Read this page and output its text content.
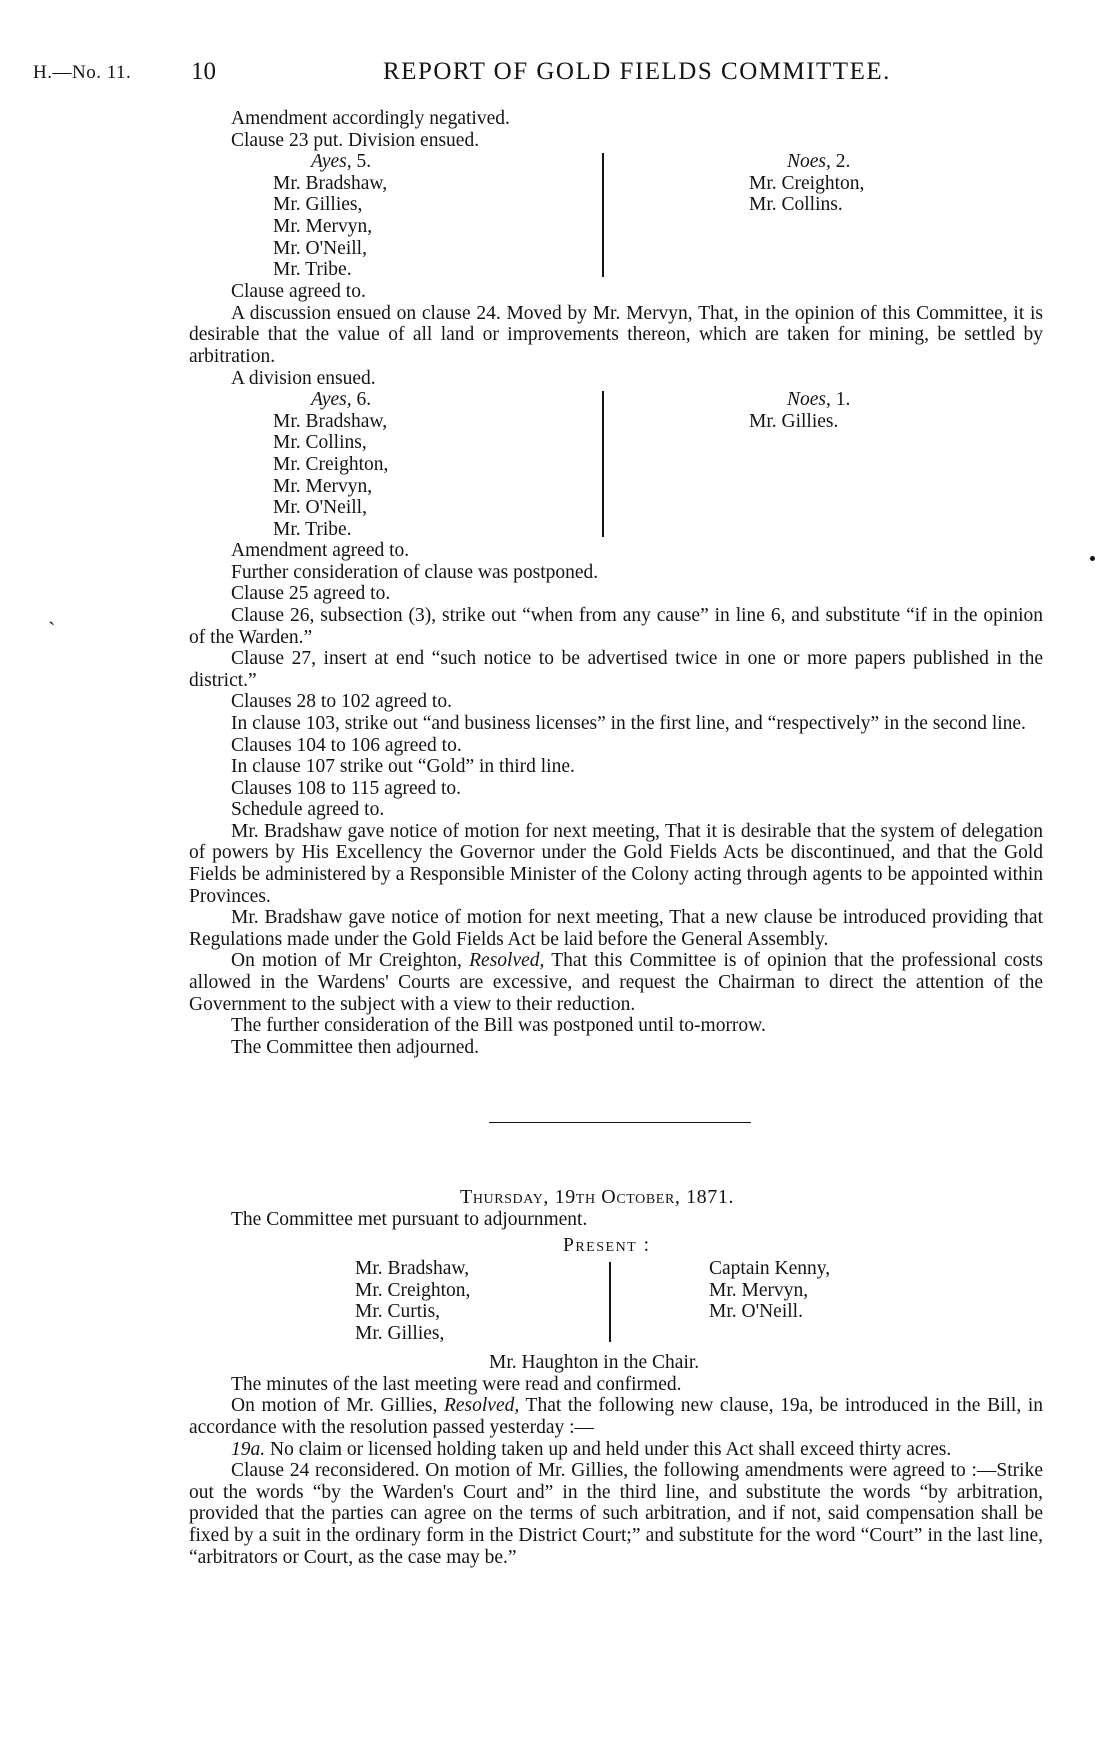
H.—No. 11. 10	REPORT OF GOLD FIELDS COMMITTEE.

Amendment accordingly negatived.

Clause 23 put. Division ensued.

Ayes, 5.
Mr. Bradshaw,
Mr. Gillies,
Mr. Mervyn,
Mr. O'Neill,
Mr. Tribe.
Noes, 2.
Mr. Creighton,
Mr. Collins.

Clause agreed to.

A discussion ensued on clause 24. Moved by Mr. Mervyn, That, in the opinion of this Committee, it is desirable that the value of all land or improvements thereon, which are taken for mining, be settled by arbitration.

A division ensued.

Ayes, 6.
Mr. Bradshaw,
Mr. Collins,
Mr. Creighton,
Mr. Mervyn,
Mr. O'Neill,
Mr. Tribe.
Noes, 1.
Mr. Gillies.

Amendment agreed to.

Further consideration of clause was postponed.

Clause 25 agreed to.

Clause 26, subsection (3), strike out “when from any cause” in line 6, and substitute “if in the opinion of the Warden.”

Clause 27, insert at end “such notice to be advertised twice in one or more papers published in the district.”

Clauses 28 to 102 agreed to.

In clause 103, strike out “and business licenses” in the first line, and “respectively” in the second line.

Clauses 104 to 106 agreed to.

In clause 107 strike out “Gold” in third line.

Clauses 108 to 115 agreed to.

Schedule agreed to.

Mr. Bradshaw gave notice of motion for next meeting, That it is desirable that the system of delegation of powers by His Excellency the Governor under the Gold Fields Acts be discontinued, and that the Gold Fields be administered by a Responsible Minister of the Colony acting through agents to be appointed within Provinces.

Mr. Bradshaw gave notice of motion for next meeting, That a new clause be introduced providing that Regulations made under the Gold Fields Act be laid before the General Assembly.

On motion of Mr Creighton, Resolved, That this Committee is of opinion that the professional costs allowed in the Wardens' Courts are excessive, and request the Chairman to direct the attention of the Government to the subject with a view to their reduction.

The further consideration of the Bill was postponed until to-morrow.

The Committee then adjourned.

Thursday, 19th October, 1871.

The Committee met pursuant to adjournment.

Present :
Mr. Bradshaw,
Mr. Creighton,
Mr. Curtis,
Mr. Gillies,
Captain Kenny,
Mr. Mervyn,
Mr. O'Neill.
Mr. Haughton in the Chair.

The minutes of the last meeting were read and confirmed.

On motion of Mr. Gillies, Resolved, That the following new clause, 19a, be introduced in the Bill, in accordance with the resolution passed yesterday :—

19a. No claim or licensed holding taken up and held under this Act shall exceed thirty acres.

Clause 24 reconsidered. On motion of Mr. Gillies, the following amendments were agreed to :—Strike out the words “by the Warden's Court and” in the third line, and substitute the words “by arbitration, provided that the parties can agree on the terms of such arbitration, and if not, said compensation shall be fixed by a suit in the ordinary form in the District Court;” and substitute for the word “Court” in the last line, “arbitrators or Court, as the case may be.”

ˏ
